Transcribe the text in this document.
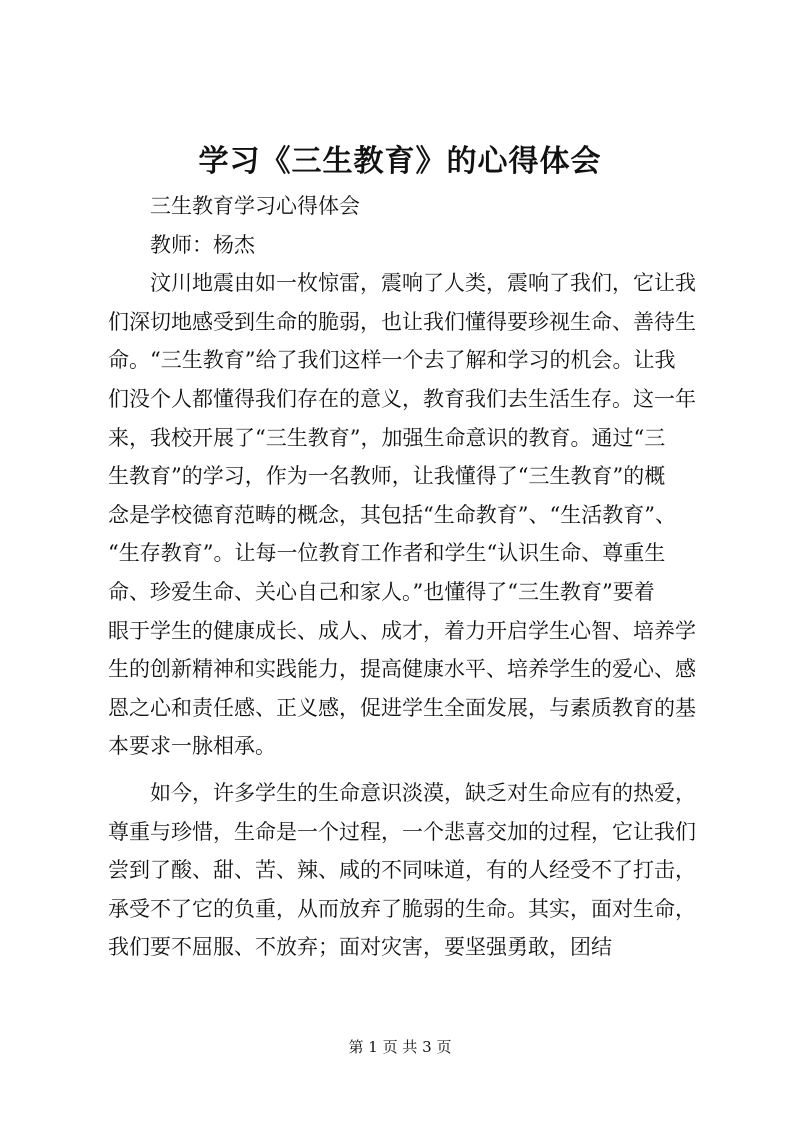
学习《三生教育》的心得体会
三生教育学习心得体会
教师：杨杰
汶川地震由如一枚惊雷，震响了人类，震响了我们，它让我
们深切地感受到生命的脆弱，也让我们懂得要珍视生命、善待生
命。“三生教育”给了我们这样一个去了解和学习的机会。让我
们没个人都懂得我们存在的意义，教育我们去生活生存。这一年
来，我校开展了“三生教育”，加强生命意识的教育。通过“三
生教育”的学习，作为一名教师，让我懂得了“三生教育”的概
念是学校德育范畴的概念，其包括“生命教育”、“生活教育”、
“生存教育”。让每一位教育工作者和学生“认识生命、尊重生
命、珍爱生命、关心自己和家人。”也懂得了“三生教育”要着
眼于学生的健康成长、成人、成才，着力开启学生心智、培养学
生的创新精神和实践能力，提高健康水平、培养学生的爱心、感
恩之心和责任感、正义感，促进学生全面发展，与素质教育的基
本要求一脉相承。
如今，许多学生的生命意识淡漠，缺乏对生命应有的热爱，
尊重与珍惜，生命是一个过程，一个悲喜交加的过程，它让我们
尝到了酸、甜、苦、辣、咸的不同味道，有的人经受不了打击，
承受不了它的负重，从而放弃了脆弱的生命。其实，面对生命，
我们要不屈服、不放弃；面对灾害，要坚强勇敢，团结
第 1 页 共 3 页
